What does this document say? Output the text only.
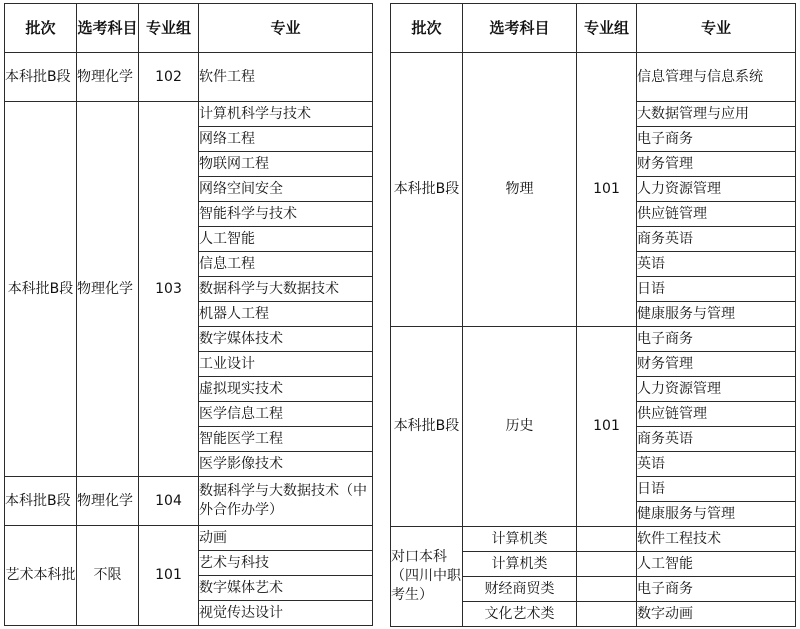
批次	选考科目	专业组	专业
本科批B段	物理化学	102	软件工程
本科批B段	物理化学	103	计算机科学与技术
			网络工程
			物联网工程
			网络空间安全
			智能科学与技术
			人工智能
			信息工程
			数据科学与大数据技术
			机器人工程
			数字媒体技术
			工业设计
			虚拟现实技术
			医学信息工程
			智能医学工程
			医学影像技术
本科批B段	物理化学	104	数据科学与大数据技术（中外合作办学）
艺术本科批	不限	101	动画
			艺术与科技
			数字媒体艺术
			视觉传达设计
批次	选考科目	专业组	专业
本科批B段	物理	101	信息管理与信息系统
			大数据管理与应用
			电子商务
			财务管理
			人力资源管理
			供应链管理
			商务英语
			英语
			日语
			健康服务与管理
本科批B段	历史	101	电子商务
			财务管理
			人力资源管理
			供应链管理
			商务英语
			英语
			日语
			健康服务与管理
对口本科（四川中职考生）	计算机类		软件工程技术
	计算机类		人工智能
	财经商贸类		电子商务
	文化艺术类		数字动画
